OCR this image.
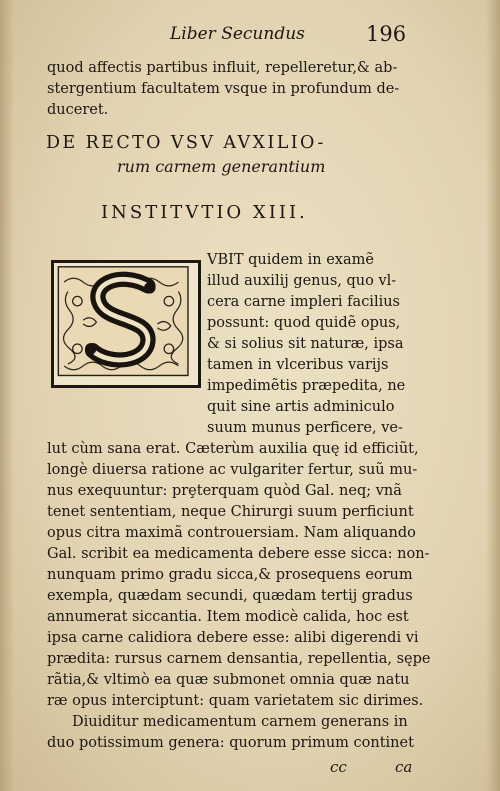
Liber Secundus	196
quod affectis partibus influit, repelleretur,& ab-
stergentium facultatem vsque in profundum de-
duceret.
DE RECTO VSV AVXILIO-
rum carnem generantium
INSTITVTIO XIII.
VBIT quidem in examẽ
illud auxilij genus, quo vl-
cera carne impleri facilius
possunt: quod quidẽ opus,
& si solius sit naturæ, ipsa
tamen in vlceribus varijs
impedimẽtis præpedita, ne
quit sine artis adminiculo
suum munus perficere, ve-
lut cùm sana erat. Cæterùm auxilia quę id efficiũt,
longè diuersa ratione ac vulgariter fertur, suũ mu-
nus exequuntur: prȩterquam quòd Gal. neq; vnã
tenet sententiam, neque Chirurgi suum perficiunt
opus citra maximã controuersiam. Nam aliquando
Gal. scribit ea medicamenta debere esse sicca: non-
nunquam primo gradu sicca,& prosequens eorum
exempla, quædam secundi, quædam tertij gradus
annumerat siccantia. Item modicè calida, hoc est
ipsa carne calidiora debere esse: alibi digerendi vi
prædita: rursus carnem densantia, repellentia, sępe
rãtia,& vltimò ea quæ submonet omnia quæ natu
ræ opus interciptunt: quam varietatem sic dirimes.
Diuiditur medicamentum carnem generans in
duo potissimum genera: quorum primum continet
cc	ca
